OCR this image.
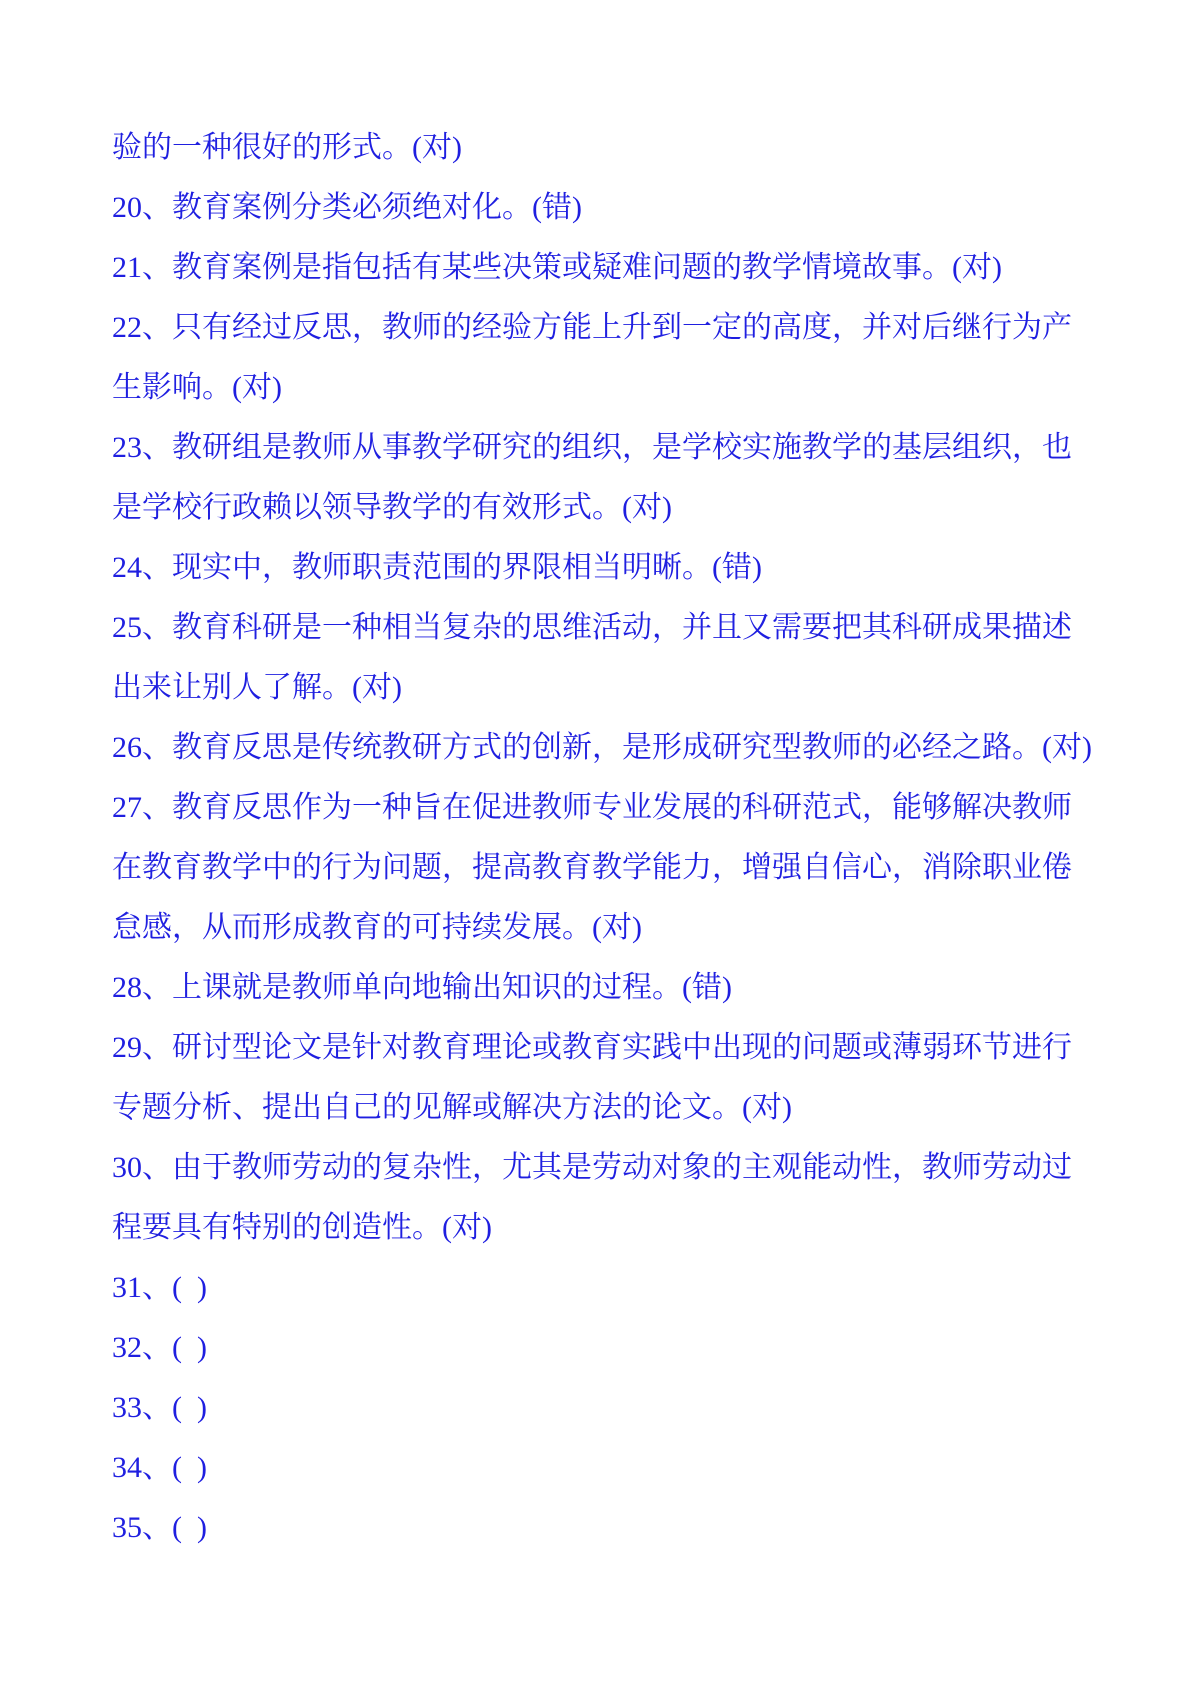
验的一种很好的形式。(对)
20、教育案例分类必须绝对化。(错)
21、教育案例是指包括有某些决策或疑难问题的教学情境故事。(对)
22、只有经过反思，教师的经验方能上升到一定的高度，并对后继行为产
生影响。(对)
23、教研组是教师从事教学研究的组织，是学校实施教学的基层组织，也
是学校行政赖以领导教学的有效形式。(对)
24、现实中，教师职责范围的界限相当明晰。(错)
25、教育科研是一种相当复杂的思维活动，并且又需要把其科研成果描述
出来让别人了解。(对)
26、教育反思是传统教研方式的创新，是形成研究型教师的必经之路。(对)
27、教育反思作为一种旨在促进教师专业发展的科研范式，能够解决教师
在教育教学中的行为问题，提高教育教学能力，增强自信心，消除职业倦
怠感，从而形成教育的可持续发展。(对)
28、上课就是教师单向地输出知识的过程。(错)
29、研讨型论文是针对教育理论或教育实践中出现的问题或薄弱环节进行
专题分析、提出自己的见解或解决方法的论文。(对)
30、由于教师劳动的复杂性，尤其是劳动对象的主观能动性，教师劳动过
程要具有特别的创造性。(对)
31、(  )
32、(  )
33、(  )
34、(  )
35、(  )
